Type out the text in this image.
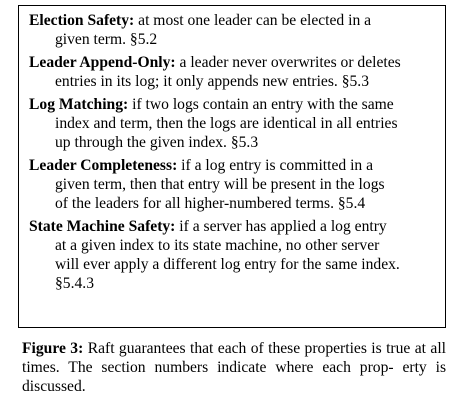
Election Safety: at most one leader can be elected in a
given term. §5.2
Leader Append-Only: a leader never overwrites or deletes
entries in its log; it only appends new entries. §5.3
Log Matching: if two logs contain an entry with the same
index and term, then the logs are identical in all entries
up through the given index. §5.3
Leader Completeness: if a log entry is committed in a
given term, then that entry will be present in the logs
of the leaders for all higher-numbered terms. §5.4
State Machine Safety: if a server has applied a log entry
at a given index to its state machine, no other server
will ever apply a different log entry for the same index.
§5.4.3

Figure 3: Raft guarantees that each of these properties is true at all times. The section numbers indicate where each prop- erty is discussed.
